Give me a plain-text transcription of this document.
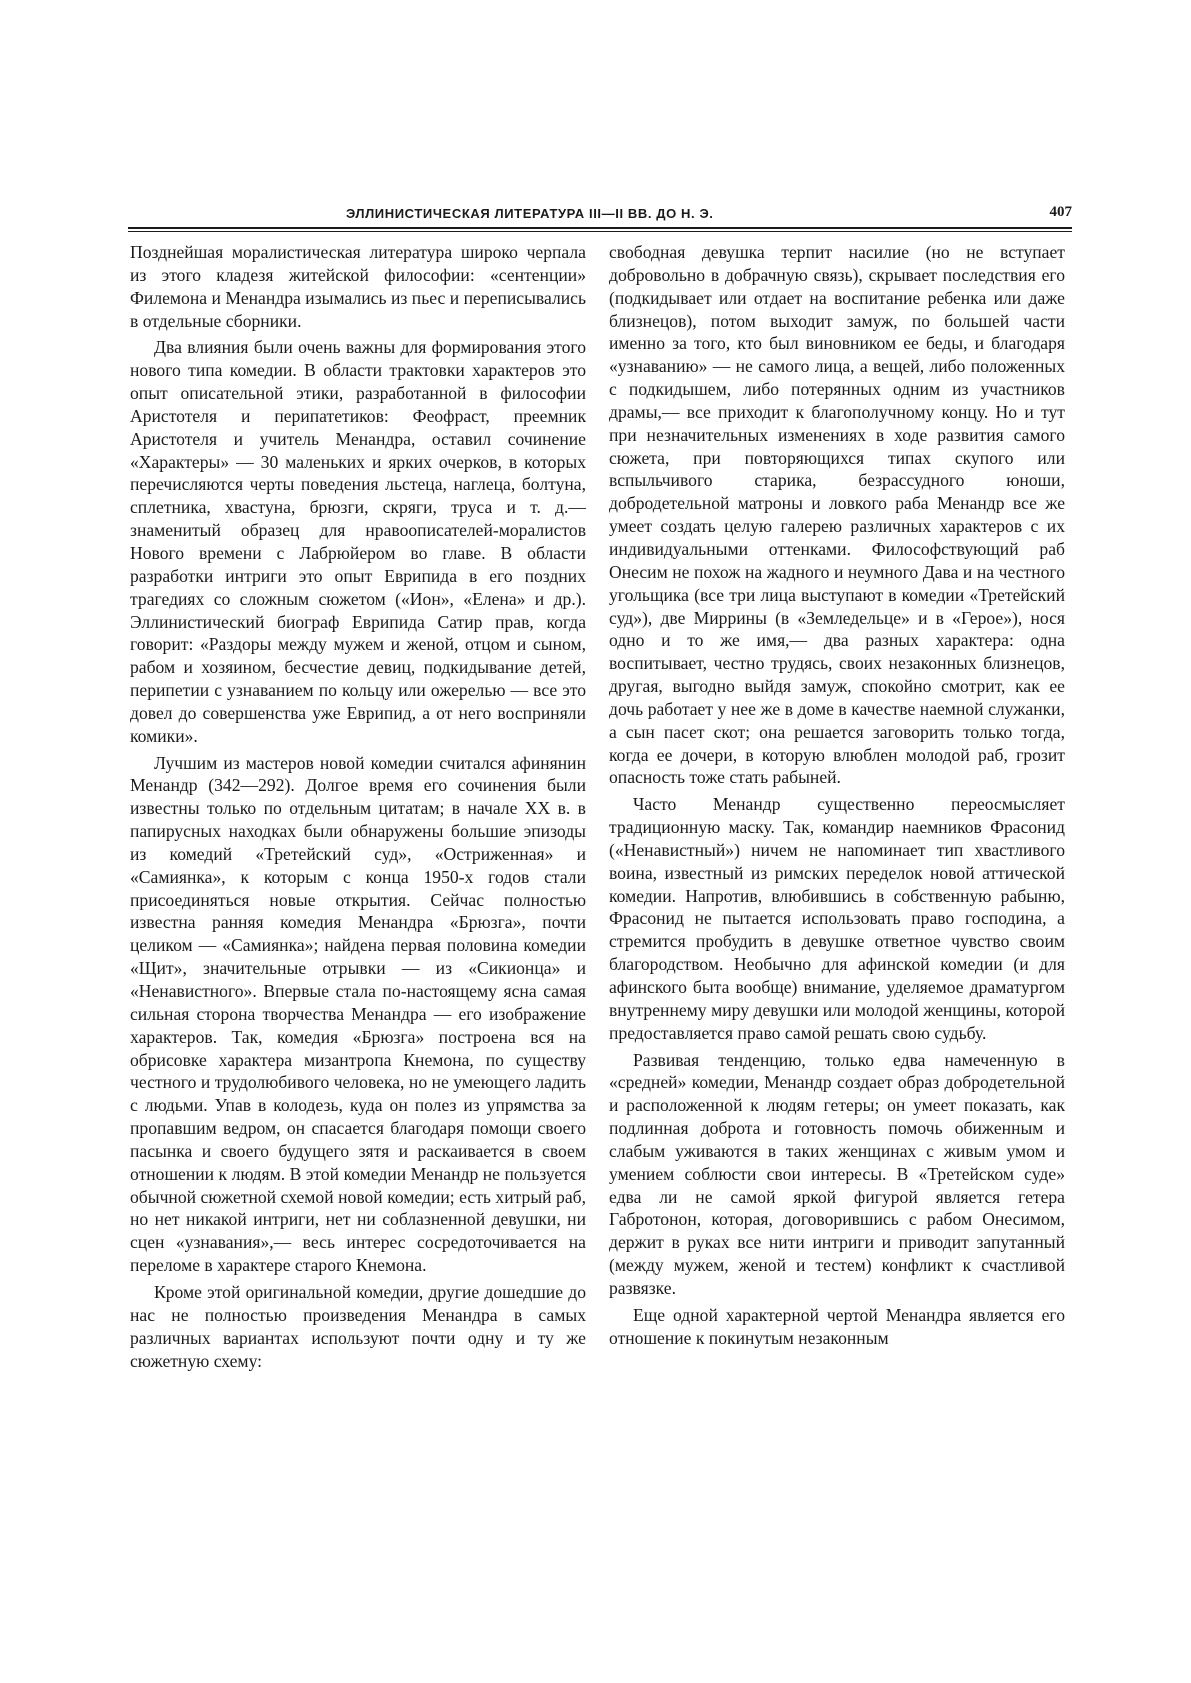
ЭЛЛИНИСТИЧЕСКАЯ ЛИТЕРАТУРА III—II ВВ. ДО Н. Э.	407

Позднейшая моралистическая литература широко черпала из этого кладезя житейской философии: «сентенции» Филемона и Менандра изымались из пьес и переписывались в отдельные сборники.

Два влияния были очень важны для формирования этого нового типа комедии. В области трактовки характеров это опыт описательной этики, разработанной в философии Аристотеля и перипатетиков: Феофраст, преемник Аристотеля и учитель Менандра, оставил сочинение «Характеры» — 30 маленьких и ярких очерков, в которых перечисляются черты поведения льстеца, наглеца, болтуна, сплетника, хвастуна, брюзги, скряги, труса и т. д.— знаменитый образец для нравоописателей-моралистов Нового времени с Лабрюйером во главе. В области разработки интриги это опыт Еврипида в его поздних трагедиях со сложным сюжетом («Ион», «Елена» и др.). Эллинистический биограф Еврипида Сатир прав, когда говорит: «Раздоры между мужем и женой, отцом и сыном, рабом и хозяином, бесчестие девиц, подкидывание детей, перипетии с узнаванием по кольцу или ожерелью — все это довел до совершенства уже Еврипид, а от него восприняли комики».

Лучшим из мастеров новой комедии считался афинянин Менандр (342—292). Долгое время его сочинения были известны только по отдельным цитатам; в начале XX в. в папирусных находках были обнаружены большие эпизоды из комедий «Третейский суд», «Остриженная» и «Самиянка», к которым с конца 1950-х годов стали присоединяться новые открытия. Сейчас полностью известна ранняя комедия Менандра «Брюзга», почти целиком — «Самиянка»; найдена первая половина комедии «Щит», значительные отрывки — из «Сикионца» и «Ненавистного». Впервые стала по-настоящему ясна самая сильная сторона творчества Менандра — его изображение характеров. Так, комедия «Брюзга» построена вся на обрисовке характера мизантропа Кнемона, по существу честного и трудолюбивого человека, но не умеющего ладить с людьми. Упав в колодезь, куда он полез из упрямства за пропавшим ведром, он спасается благодаря помощи своего пасынка и своего будущего зятя и раскаивается в своем отношении к людям. В этой комедии Менандр не пользуется обычной сюжетной схемой новой комедии; есть хитрый раб, но нет никакой интриги, нет ни соблазненной девушки, ни сцен «узнавания»,— весь интерес сосредоточивается на переломе в характере старого Кнемона.

Кроме этой оригинальной комедии, другие дошедшие до нас не полностью произведения Менандра в самых различных вариантах используют почти одну и ту же сюжетную схему:

свободная девушка терпит насилие (но не вступает добровольно в добрачную связь), скрывает последствия его (подкидывает или отдает на воспитание ребенка или даже близнецов), потом выходит замуж, по большей части именно за того, кто был виновником ее беды, и благодаря «узнаванию» — не самого лица, а вещей, либо положенных с подкидышем, либо потерянных одним из участников драмы,— все приходит к благополучному концу. Но и тут при незначительных изменениях в ходе развития самого сюжета, при повторяющихся типах скупого или вспыльчивого старика, безрассудного юноши, добродетельной матроны и ловкого раба Менандр все же умеет создать целую галерею различных характеров с их индивидуальными оттенками. Философствующий раб Онесим не похож на жадного и неумного Дава и на честного угольщика (все три лица выступают в комедии «Третейский суд»), две Миррины (в «Земледельце» и в «Герое»), нося одно и то же имя,— два разных характера: одна воспитывает, честно трудясь, своих незаконных близнецов, другая, выгодно выйдя замуж, спокойно смотрит, как ее дочь работает у нее же в доме в качестве наемной служанки, а сын пасет скот; она решается заговорить только тогда, когда ее дочери, в которую влюблен молодой раб, грозит опасность тоже стать рабыней.

Часто Менандр существенно переосмысляет традиционную маску. Так, командир наемников Фрасонид («Ненавистный») ничем не напоминает тип хвастливого воина, известный из римских переделок новой аттической комедии. Напротив, влюбившись в собственную рабыню, Фрасонид не пытается использовать право господина, а стремится пробудить в девушке ответное чувство своим благородством. Необычно для афинской комедии (и для афинского быта вообще) внимание, уделяемое драматургом внутреннему миру девушки или молодой женщины, которой предоставляется право самой решать свою судьбу.

Развивая тенденцию, только едва намеченную в «средней» комедии, Менандр создает образ добродетельной и расположенной к людям гетеры; он умеет показать, как подлинная доброта и готовность помочь обиженным и слабым уживаются в таких женщинах с живым умом и умением соблюсти свои интересы. В «Третейском суде» едва ли не самой яркой фигурой является гетера Габротонон, которая, договорившись с рабом Онесимом, держит в руках все нити интриги и приводит запутанный (между мужем, женой и тестем) конфликт к счастливой развязке.

Еще одной характерной чертой Менандра является его отношение к покинутым незаконным
